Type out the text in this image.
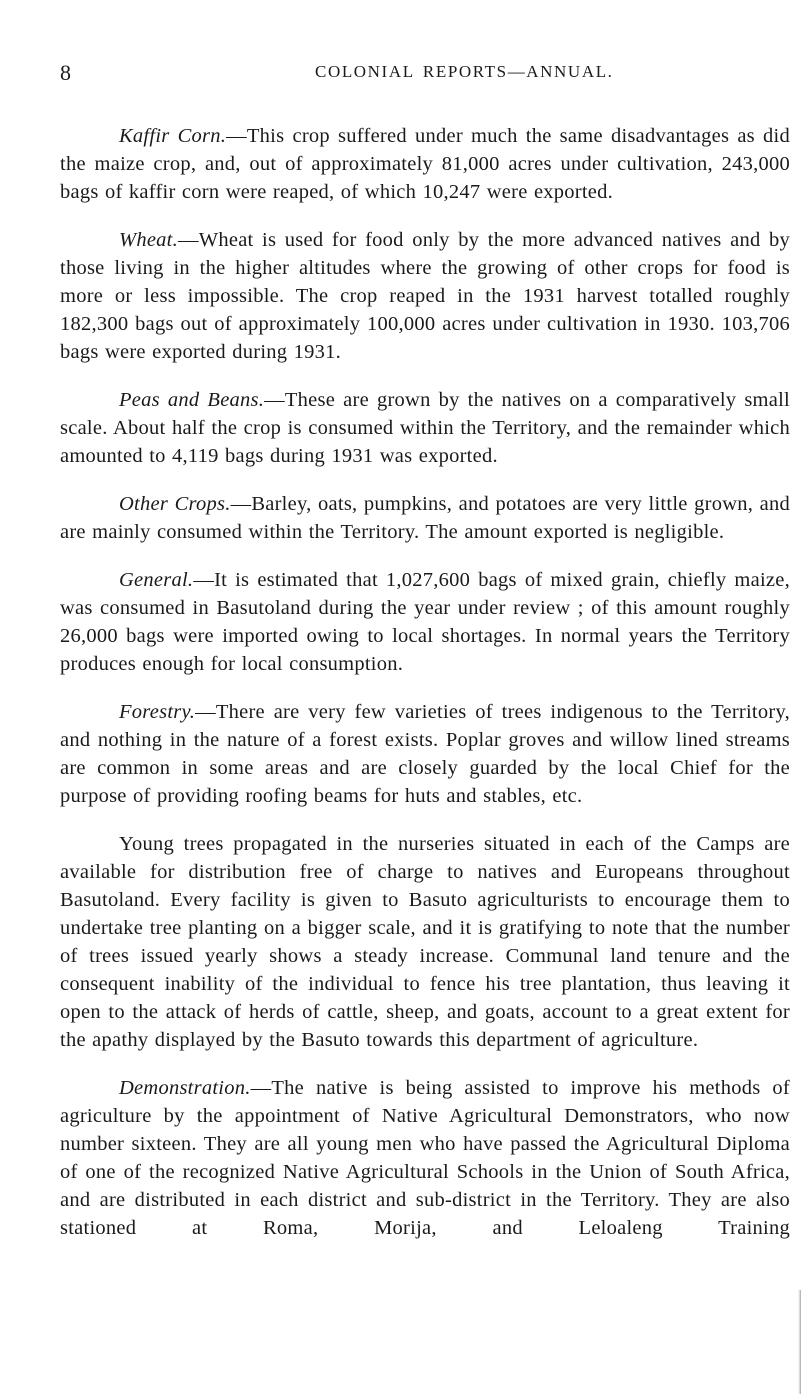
8	COLONIAL REPORTS—ANNUAL.

Kaffir Corn.—This crop suffered under much the same disadvantages as did the maize crop, and, out of approximately 81,000 acres under cultivation, 243,000 bags of kaffir corn were reaped, of which 10,247 were exported.

Wheat.—Wheat is used for food only by the more advanced natives and by those living in the higher altitudes where the growing of other crops for food is more or less impossible. The crop reaped in the 1931 harvest totalled roughly 182,300 bags out of approximately 100,000 acres under cultivation in 1930. 103,706 bags were exported during 1931.

Peas and Beans.—These are grown by the natives on a comparatively small scale. About half the crop is consumed within the Territory, and the remainder which amounted to 4,119 bags during 1931 was exported.

Other Crops.—Barley, oats, pumpkins, and potatoes are very little grown, and are mainly consumed within the Territory. The amount exported is negligible.

General.—It is estimated that 1,027,600 bags of mixed grain, chiefly maize, was consumed in Basutoland during the year under review ; of this amount roughly 26,000 bags were imported owing to local shortages. In normal years the Territory produces enough for local consumption.

Forestry.—There are very few varieties of trees indigenous to the Territory, and nothing in the nature of a forest exists. Poplar groves and willow lined streams are common in some areas and are closely guarded by the local Chief for the purpose of providing roofing beams for huts and stables, etc.

Young trees propagated in the nurseries situated in each of the Camps are available for distribution free of charge to natives and Europeans throughout Basutoland. Every facility is given to Basuto agriculturists to encourage them to undertake tree planting on a bigger scale, and it is gratifying to note that the number of trees issued yearly shows a steady increase. Communal land tenure and the consequent inability of the individual to fence his tree plantation, thus leaving it open to the attack of herds of cattle, sheep, and goats, account to a great extent for the apathy displayed by the Basuto towards this department of agriculture.

Demonstration.—The native is being assisted to improve his methods of agriculture by the appointment of Native Agricultural Demonstrators, who now number sixteen. They are all young men who have passed the Agricultural Diploma of one of the recognized Native Agricultural Schools in the Union of South Africa, and are distributed in each district and sub-district in the Territory. They are also stationed at Roma, Morija, and Leloaleng Training
